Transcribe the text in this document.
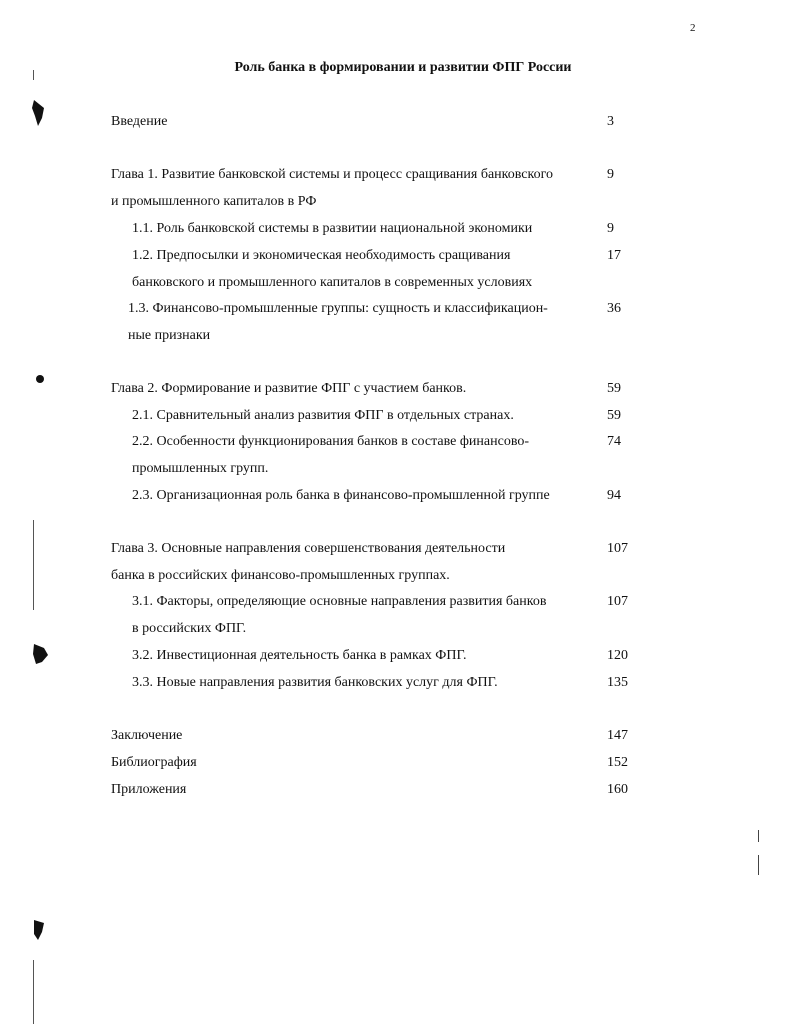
2
Роль банка в формировании и развитии ФПГ России
Введение	3
Глава 1. Развитие банковской системы и процесс сращивания банковского	9
и промышленного капиталов в РФ
1.1. Роль банковской системы в развитии национальной экономики	9
1.2. Предпосылки и экономическая необходимость сращивания	17
банковского и промышленного капиталов в современных условиях
1.3. Финансово-промышленные группы: сущность и классификацион-	36
ные признаки
Глава 2. Формирование и развитие ФПГ с участием банков.	59
2.1. Сравнительный анализ развития ФПГ в отдельных странах.	59
2.2. Особенности функционирования банков в составе финансово-	74
промышленных групп.
2.3. Организационная роль банка в финансово-промышленной группе	94
Глава 3. Основные направления совершенствования деятельности	107
банка в российских финансово-промышленных группах.
3.1. Факторы, определяющие основные направления развития банков	107
в российских ФПГ.
3.2. Инвестиционная деятельность банка в рамках ФПГ.	120
3.3. Новые направления развития банковских услуг для ФПГ.	135
Заключение	147
Библиография	152
Приложения	160
